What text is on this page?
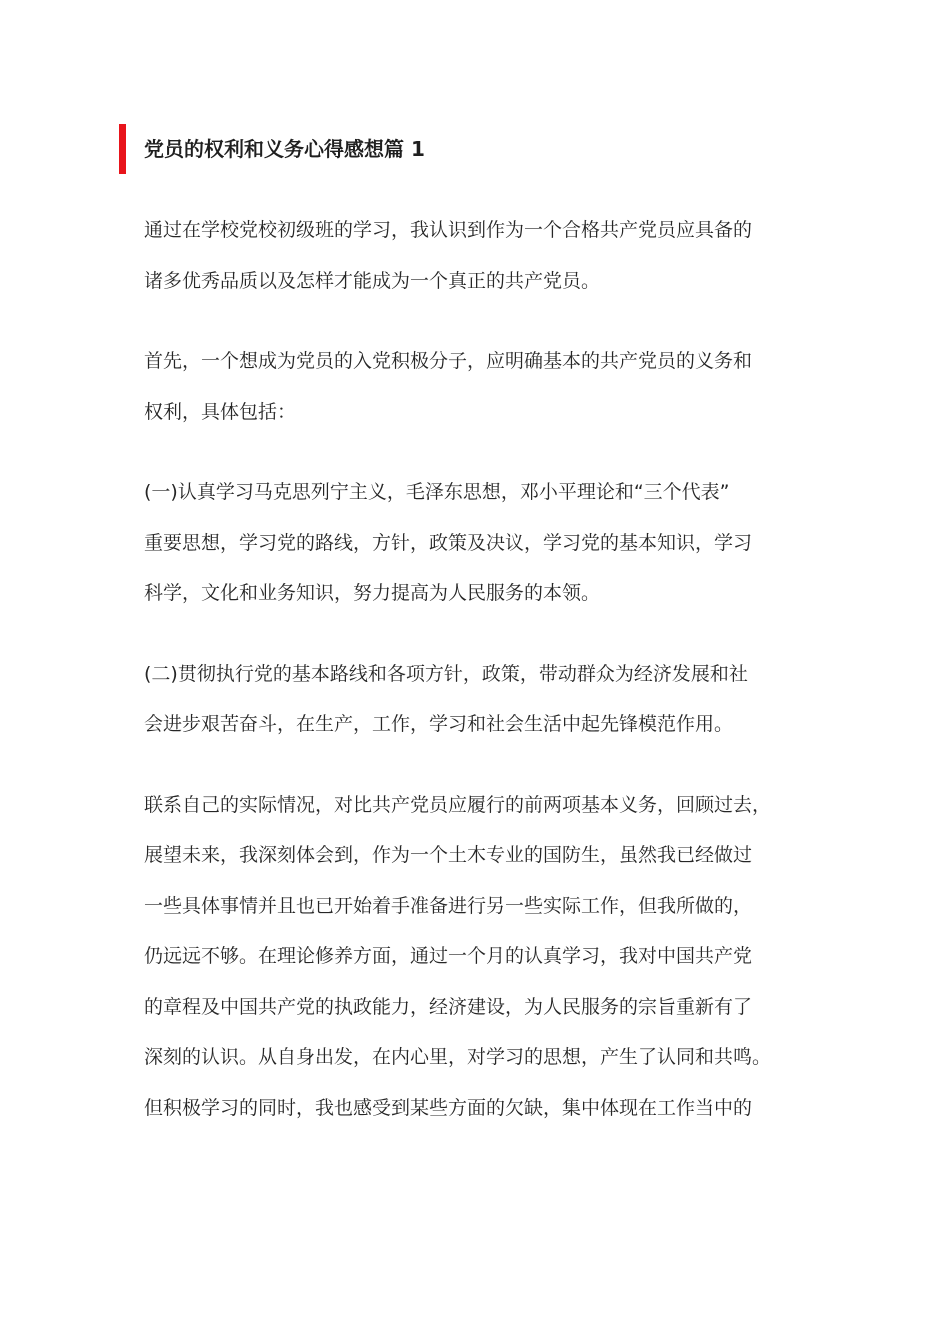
党员的权利和义务心得感想篇 1

通过在学校党校初级班的学习，我认识到作为一个合格共产党员应具备的
诸多优秀品质以及怎样才能成为一个真正的共产党员。

首先，一个想成为党员的入党积极分子，应明确基本的共产党员的义务和
权利，具体包括：

(一)认真学习马克思列宁主义，毛泽东思想，邓小平理论和“三个代表”
重要思想，学习党的路线，方针，政策及决议，学习党的基本知识，学习
科学，文化和业务知识，努力提高为人民服务的本领。

(二)贯彻执行党的基本路线和各项方针，政策，带动群众为经济发展和社
会进步艰苦奋斗，在生产，工作，学习和社会生活中起先锋模范作用。

联系自己的实际情况，对比共产党员应履行的前两项基本义务，回顾过去，
展望未来，我深刻体会到，作为一个土木专业的国防生，虽然我已经做过
一些具体事情并且也已开始着手准备进行另一些实际工作，但我所做的，
仍远远不够。在理论修养方面，通过一个月的认真学习，我对中国共产党
的章程及中国共产党的执政能力，经济建设，为人民服务的宗旨重新有了
深刻的认识。从自身出发，在内心里，对学习的思想，产生了认同和共鸣。
但积极学习的同时，我也感受到某些方面的欠缺，集中体现在工作当中的
